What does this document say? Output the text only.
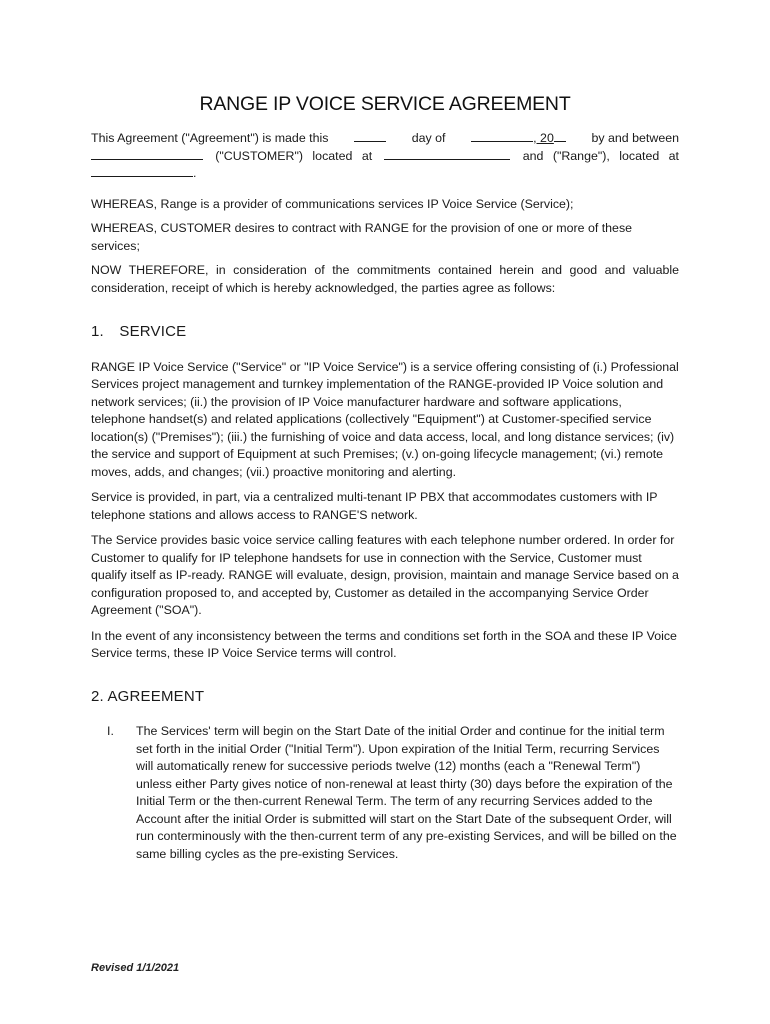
RANGE IP VOICE SERVICE AGREEMENT
This Agreement ("Agreement") is made this	day of	, 20	by and between
("CUSTOMER") located at	and ("Range"), located at
.

WHEREAS, Range is a provider of communications services IP Voice Service (Service);

WHEREAS, CUSTOMER desires to contract with RANGE for the provision of one or more of these services;

NOW THEREFORE, in consideration of the commitments contained herein and good and valuable consideration, receipt of which is hereby acknowledged, the parties agree as follows:

1. SERVICE

RANGE IP Voice Service ("Service" or "IP Voice Service") is a service offering consisting of (i.) Professional Services project management and turnkey implementation of the RANGE-provided IP Voice solution and network services; (ii.) the provision of IP Voice manufacturer hardware and software applications, telephone handset(s) and related applications (collectively "Equipment") at Customer-specified service location(s) ("Premises"); (iii.) the furnishing of voice and data access, local, and long distance services; (iv) the service and support of Equipment at such Premises; (v.) on-going lifecycle management; (vi.) remote moves, adds, and changes; (vii.) proactive monitoring and alerting.

Service is provided, in part, via a centralized multi-tenant IP PBX that accommodates customers with IP telephone stations and allows access to RANGE'S network.

The Service provides basic voice service calling features with each telephone number ordered. In order for Customer to qualify for IP telephone handsets for use in connection with the Service, Customer must qualify itself as IP-ready. RANGE will evaluate, design, provision, maintain and manage Service based on a configuration proposed to, and accepted by, Customer as detailed in the accompanying Service Order Agreement ("SOA").

In the event of any inconsistency between the terms and conditions set forth in the SOA and these IP Voice Service terms, these IP Voice Service terms will control.

2. AGREEMENT
I. The Services' term will begin on the Start Date of the initial Order and continue for the initial term set forth in the initial Order ("Initial Term"). Upon expiration of the Initial Term, recurring Services will automatically renew for successive periods twelve (12) months (each a "Renewal Term") unless either Party gives notice of non-renewal at least thirty (30) days before the expiration of the Initial Term or the then-current Renewal Term. The term of any recurring Services added to the Account after the initial Order is submitted will start on the Start Date of the subsequent Order, will run conterminously with the then-current term of any pre-existing Services, and will be billed on the same billing cycles as the pre-existing Services.

Revised 1/1/2021
